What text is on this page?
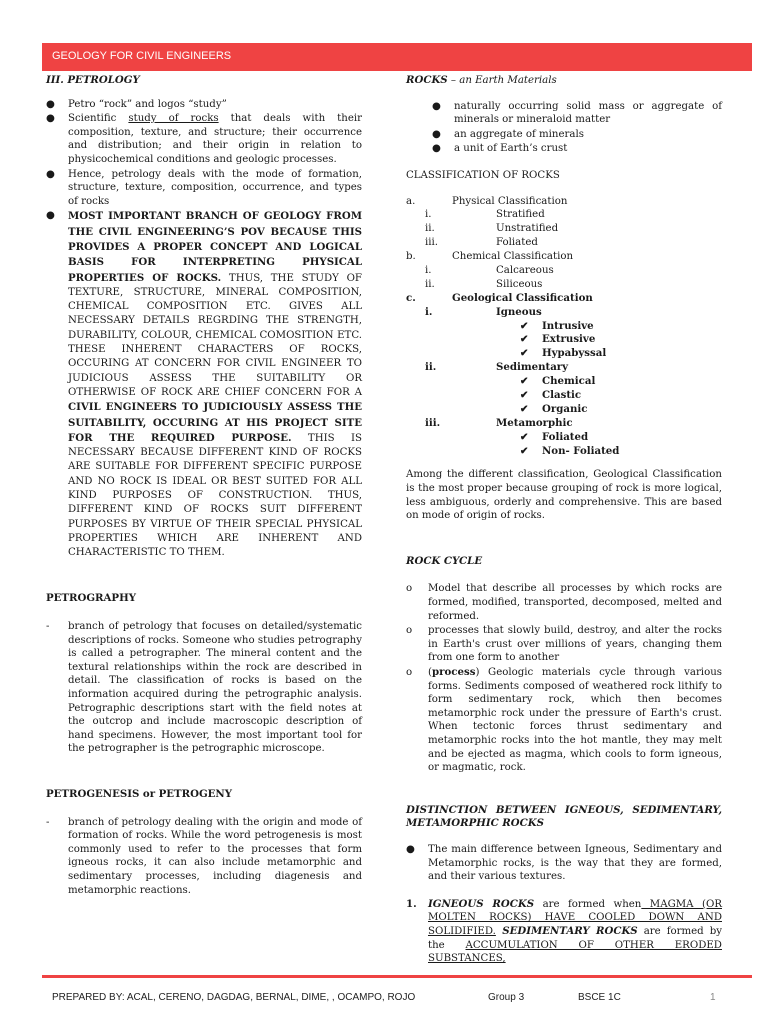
GEOLOGY FOR CIVIL ENGINEERS
III. PETROLOGY
● Petro “rock” and logos “study”
● Scientific study of rocks that deals with their composition, texture, and structure; their occurrence and distribution; and their origin in relation to physicochemical conditions and geologic processes.
● Hence, petrology deals with the mode of formation, structure, texture, composition, occurrence, and types of rocks
● MOST IMPORTANT BRANCH OF GEOLOGY FROM THE CIVIL ENGINEERING’S POV BECAUSE THIS PROVIDES A PROPER CONCEPT AND LOGICAL BASIS FOR INTERPRETING PHYSICAL PROPERTIES OF ROCKS. THUS, THE STUDY OF TEXTURE, STRUCTURE, MINERAL COMPOSITION, CHEMICAL COMPOSITION ETC. GIVES ALL NECESSARY DETAILS REGRDING THE STRENGTH, DURABILITY, COLOUR, CHEMICAL COMOSITION ETC. THESE INHERENT CHARACTERS OF ROCKS, OCCURING AT CONCERN FOR CIVIL ENGINEER TO JUDICIOUS ASSESS THE SUITABILITY OR OTHERWISE OF ROCK ARE CHIEF CONCERN FOR A CIVIL ENGINEERS TO JUDICIOUSLY ASSESS THE SUITABILITY, OCCURING AT HIS PROJECT SITE FOR THE REQUIRED PURPOSE. THIS IS NECESSARY BECAUSE DIFFERENT KIND OF ROCKS ARE SUITABLE FOR DIFFERENT SPECIFIC PURPOSE AND NO ROCK IS IDEAL OR BEST SUITED FOR ALL KIND PURPOSES OF CONSTRUCTION. THUS, DIFFERENT KIND OF ROCKS SUIT DIFFERENT PURPOSES BY VIRTUE OF THEIR SPECIAL PHYSICAL PROPERTIES WHICH ARE INHERENT AND CHARACTERISTIC TO THEM.
PETROGRAPHY
- branch of petrology that focuses on detailed/systematic descriptions of rocks. Someone who studies petrography is called a petrographer. The mineral content and the textural relationships within the rock are described in detail. The classification of rocks is based on the information acquired during the petrographic analysis. Petrographic descriptions start with the field notes at the outcrop and include macroscopic description of hand specimens. However, the most important tool for the petrographer is the petrographic microscope.
PETROGENESIS or PETROGENY
- branch of petrology dealing with the origin and mode of formation of rocks. While the word petrogenesis is most commonly used to refer to the processes that form igneous rocks, it can also include metamorphic and sedimentary processes, including diagenesis and metamorphic reactions.
ROCKS – an Earth Materials
● naturally occurring solid mass or aggregate of minerals or mineraloid matter
● an aggregate of minerals
● a unit of Earth’s crust
CLASSIFICATION OF ROCKS
a.	Physical Classification
i.	Stratified
ii.	Unstratified
iii.	Foliated
b.	Chemical Classification
i.	Calcareous
ii.	Siliceous
c.	Geological Classification
i.	Igneous
✔ Intrusive
✔ Extrusive
✔ Hypabyssal
ii.	Sedimentary
✔ Chemical
✔ Clastic
✔ Organic
iii.	Metamorphic
✔ Foliated
✔ Non- Foliated
Among the different classification, Geological Classification is the most proper because grouping of rock is more logical, less ambiguous, orderly and comprehensive. This are based on mode of origin of rocks.
ROCK CYCLE
o Model that describe all processes by which rocks are formed, modified, transported, decomposed, melted and reformed.
o processes that slowly build, destroy, and alter the rocks in Earth's crust over millions of years, changing them from one form to another
o (process) Geologic materials cycle through various forms. Sediments composed of weathered rock lithify to form sedimentary rock, which then becomes metamorphic rock under the pressure of Earth's crust. When tectonic forces thrust sedimentary and metamorphic rocks into the hot mantle, they may melt and be ejected as magma, which cools to form igneous, or magmatic, rock.
DISTINCTION BETWEEN IGNEOUS, SEDIMENTARY, METAMORPHIC ROCKS
● The main difference between Igneous, Sedimentary and Metamorphic rocks, is the way that they are formed, and their various textures.
1. IGNEOUS ROCKS are formed when MAGMA (OR MOLTEN ROCKS) HAVE COOLED DOWN AND SOLIDIFIED. SEDIMENTARY ROCKS are formed by the ACCUMULATION OF OTHER ERODED SUBSTANCES,
PREPARED BY: ACAL, CERENO, DAGDAG, BERNAL, DIME, , OCAMPO, ROJO	Group 3	BSCE 1C	1
